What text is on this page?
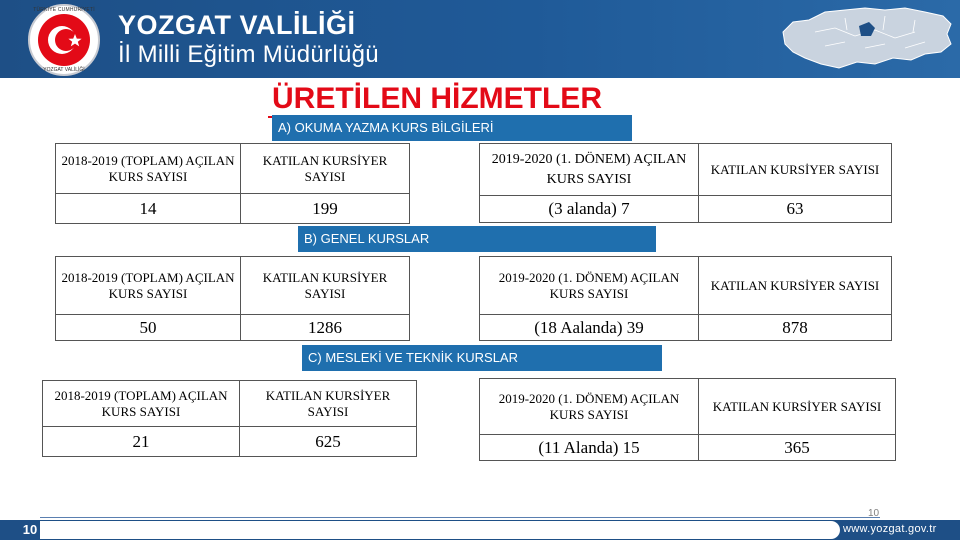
TÜRKİYE CUMHURİYETİ
YOZGAT VALİLİĞİ
YOZGAT VALİLİĞİ
İl Milli Eğitim Müdürlüğü
ÜRETİLEN HİZMETLER
A) OKUMA YAZMA KURS BİLGİLERİ
2018-2019 (TOPLAM) AÇILAN KURS SAYISI	KATILAN KURSİYER SAYISI
14	199
2019-2020 (1. DÖNEM) AÇILAN KURS SAYISI	KATILAN KURSİYER SAYISI
(3 alanda) 7	63
B) GENEL KURSLAR
2018-2019 (TOPLAM) AÇILAN KURS SAYISI	KATILAN KURSİYER SAYISI
50	1286
2019-2020 (1. DÖNEM) AÇILAN KURS SAYISI	KATILAN KURSİYER SAYISI
(18 Aalanda) 39	878
C) MESLEKİ VE TEKNİK KURSLAR
2018-2019 (TOPLAM) AÇILAN KURS SAYISI	KATILAN KURSİYER SAYISI
21	625
2019-2020 (1. DÖNEM) AÇILAN KURS SAYISI	KATILAN KURSİYER SAYISI
(11 Alanda) 15	365
10
10	www.yozgat.gov.tr
